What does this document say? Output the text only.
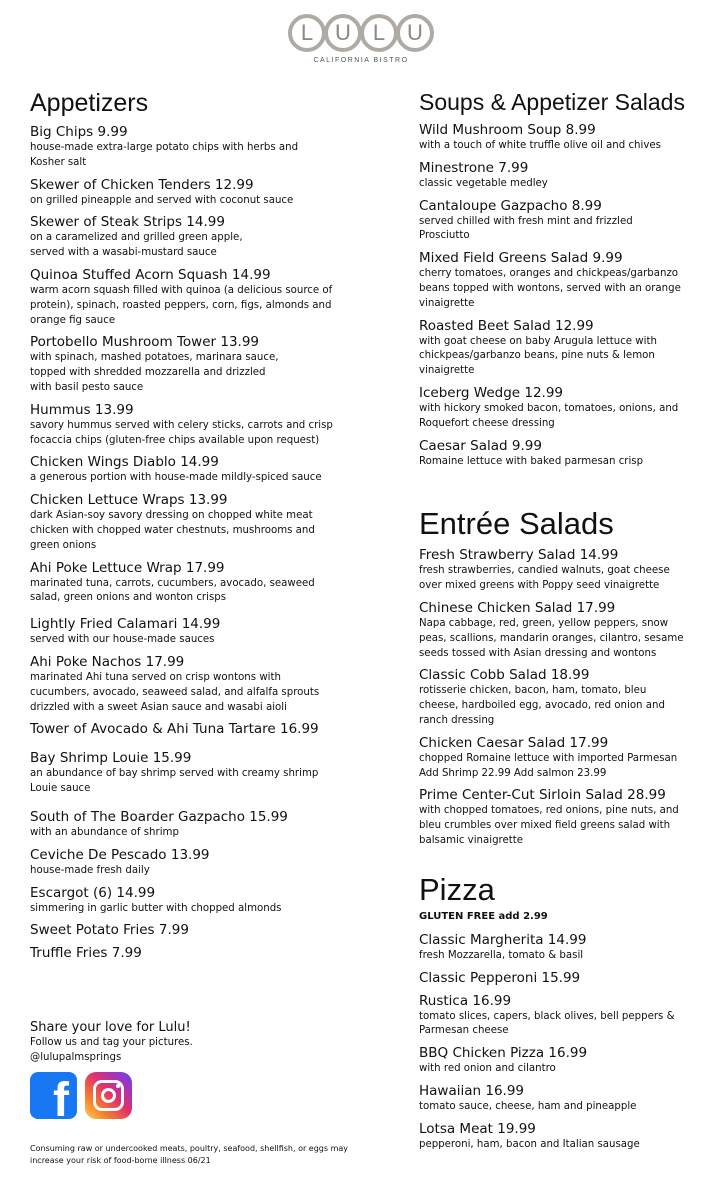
L U L U
CALIFORNIA BISTRO
Appetizers
Big Chips 9.99
house-made extra-large potato chips with herbs and
Kosher salt
Skewer of Chicken Tenders 12.99
on grilled pineapple and served with coconut sauce
Skewer of Steak Strips 14.99
on a caramelized and grilled green apple,
served with a wasabi-mustard sauce
Quinoa Stuffed Acorn Squash 14.99
warm acorn squash filled with quinoa (a delicious source of
protein), spinach, roasted peppers, corn, figs, almonds and
orange fig sauce
Portobello Mushroom Tower 13.99
with spinach, mashed potatoes, marinara sauce,
topped with shredded mozzarella and drizzled
with basil pesto sauce
Hummus 13.99
savory hummus served with celery sticks, carrots and crisp
focaccia chips (gluten-free chips available upon request)
Chicken Wings Diablo 14.99
a generous portion with house-made mildly-spiced sauce
Chicken Lettuce Wraps 13.99
dark Asian-soy savory dressing on chopped white meat
chicken with chopped water chestnuts, mushrooms and
green onions
Ahi Poke Lettuce Wrap 17.99
marinated tuna, carrots, cucumbers, avocado, seaweed
salad, green onions and wonton crisps
Lightly Fried Calamari 14.99
served with our house-made sauces
Ahi Poke Nachos 17.99
marinated Ahi tuna served on crisp wontons with
cucumbers, avocado, seaweed salad, and alfalfa sprouts
drizzled with a sweet Asian sauce and wasabi aioli
Tower of Avocado & Ahi Tuna Tartare 16.99
Bay Shrimp Louie 15.99
an abundance of bay shrimp served with creamy shrimp
Louie sauce
South of The Boarder Gazpacho 15.99
with an abundance of shrimp
Ceviche De Pescado 13.99
house-made fresh daily
Escargot (6) 14.99
simmering in garlic butter with chopped almonds
Sweet Potato Fries 7.99
Truffle Fries 7.99
Soups & Appetizer Salads
Wild Mushroom Soup 8.99
with a touch of white truffle olive oil and chives
Minestrone 7.99
classic vegetable medley
Cantaloupe Gazpacho 8.99
served chilled with fresh mint and frizzled
Prosciutto
Mixed Field Greens Salad 9.99
cherry tomatoes, oranges and chickpeas/garbanzo
beans topped with wontons, served with an orange
vinaigrette
Roasted Beet Salad 12.99
with goat cheese on baby Arugula lettuce with
chickpeas/garbanzo beans, pine nuts & lemon
vinaigrette
Iceberg Wedge 12.99
with hickory smoked bacon, tomatoes, onions, and
Roquefort cheese dressing
Caesar Salad 9.99
Romaine lettuce with baked parmesan crisp
Entrée Salads
Fresh Strawberry Salad 14.99
fresh strawberries, candied walnuts, goat cheese
over mixed greens with Poppy seed vinaigrette
Chinese Chicken Salad 17.99
Napa cabbage, red, green, yellow peppers, snow
peas, scallions, mandarin oranges, cilantro, sesame
seeds tossed with Asian dressing and wontons
Classic Cobb Salad 18.99
rotisserie chicken, bacon, ham, tomato, bleu
cheese, hardboiled egg, avocado, red onion and
ranch dressing
Chicken Caesar Salad 17.99
chopped Romaine lettuce with imported Parmesan
Add Shrimp 22.99 Add salmon 23.99
Prime Center-Cut Sirloin Salad 28.99
with chopped tomatoes, red onions, pine nuts, and
bleu crumbles over mixed field greens salad with
balsamic vinaigrette
Pizza
GLUTEN FREE add 2.99
Classic Margherita 14.99
fresh Mozzarella, tomato & basil
Classic Pepperoni 15.99
Rustica 16.99
tomato slices, capers, black olives, bell peppers &
Parmesan cheese
BBQ Chicken Pizza 16.99
with red onion and cilantro
Hawaiian 16.99
tomato sauce, cheese, ham and pineapple
Lotsa Meat 19.99
pepperoni, ham, bacon and Italian sausage
Share your love for Lulu!
Follow us and tag your pictures.
@lulupalmsprings
f
Consuming raw or undercooked meats, poultry, seafood, shellfish, or eggs may
increase your risk of food-borne illness 06/21
